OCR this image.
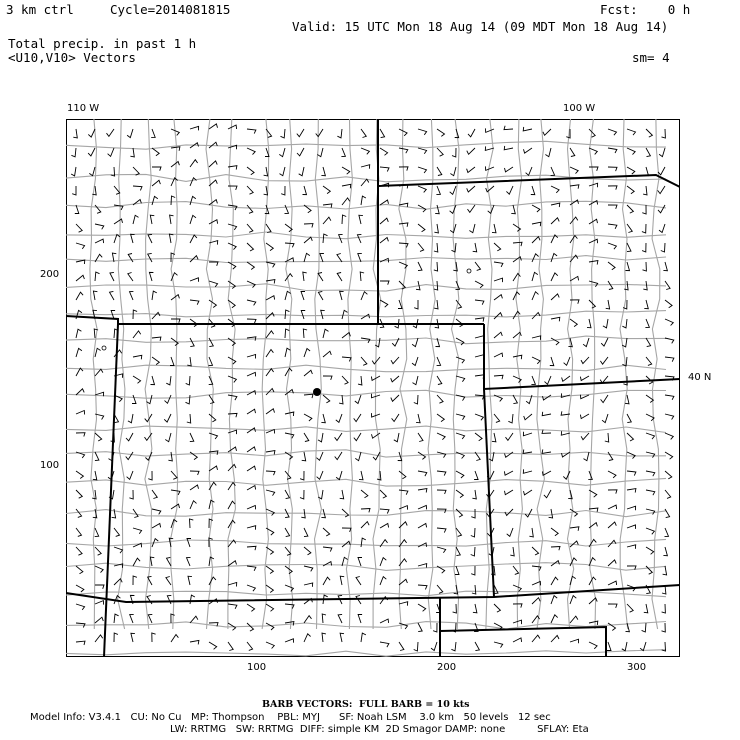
3 km ctrl	Cycle=2014081815	Fcst:    0 h
Valid: 15 UTC Mon 18 Aug 14 (09 MDT Mon 18 Aug 14)
Total precip. in past 1 h
<U10,V10> Vectors	sm= 4
110 W	100 W
40 N
200
100
100	200	300
BARB VECTORS:  FULL BARB = 10 kts
Model Info: V3.4.1   CU: No Cu   MP: Thompson    PBL: MYJ      SF: Noah LSM    3.0 km   50 levels   12 sec
LW: RRTMG   SW: RRTMG  DIFF: simple KM  2D Smagor DAMP: none          SFLAY: Eta
